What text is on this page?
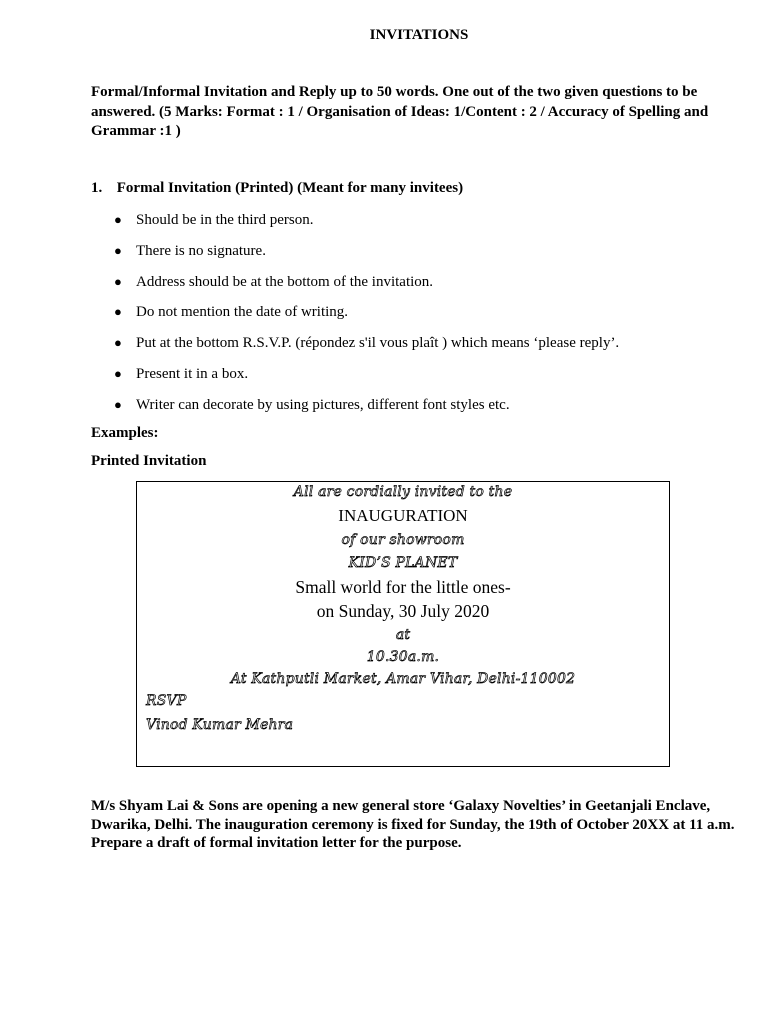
INVITATIONS
Formal/Informal Invitation and Reply up to 50 words. One out of the two given questions to be answered. (5 Marks: Format : 1 / Organisation of Ideas: 1/Content : 2 / Accuracy of Spelling and Grammar :1 )
1. Formal Invitation (Printed) (Meant for many invitees)
● Should be in the third person.
● There is no signature.
● Address should be at the bottom of the invitation.
● Do not mention the date of writing.
● Put at the bottom R.S.V.P. (répondez s'il vous plaît ) which means ‘please reply’.
● Present it in a box.
● Writer can decorate by using pictures, different font styles etc.
Examples:
Printed Invitation
All are cordially invited to the
INAUGURATION
of our showroom
KID’S PLANET
Small world for the little ones-
on Sunday, 30 July 2020
at
10.30a.m.
At Kathputli Market, Amar Vihar, Delhi-110002
RSVP
Vinod Kumar Mehra
M/s Shyam Lai & Sons are opening a new general store ‘Galaxy Novelties’ in Geetanjali Enclave, Dwarika, Delhi. The inauguration ceremony is fixed for Sunday, the 19th of October 20XX at 11 a.m. Prepare a draft of formal invitation letter for the purpose.
